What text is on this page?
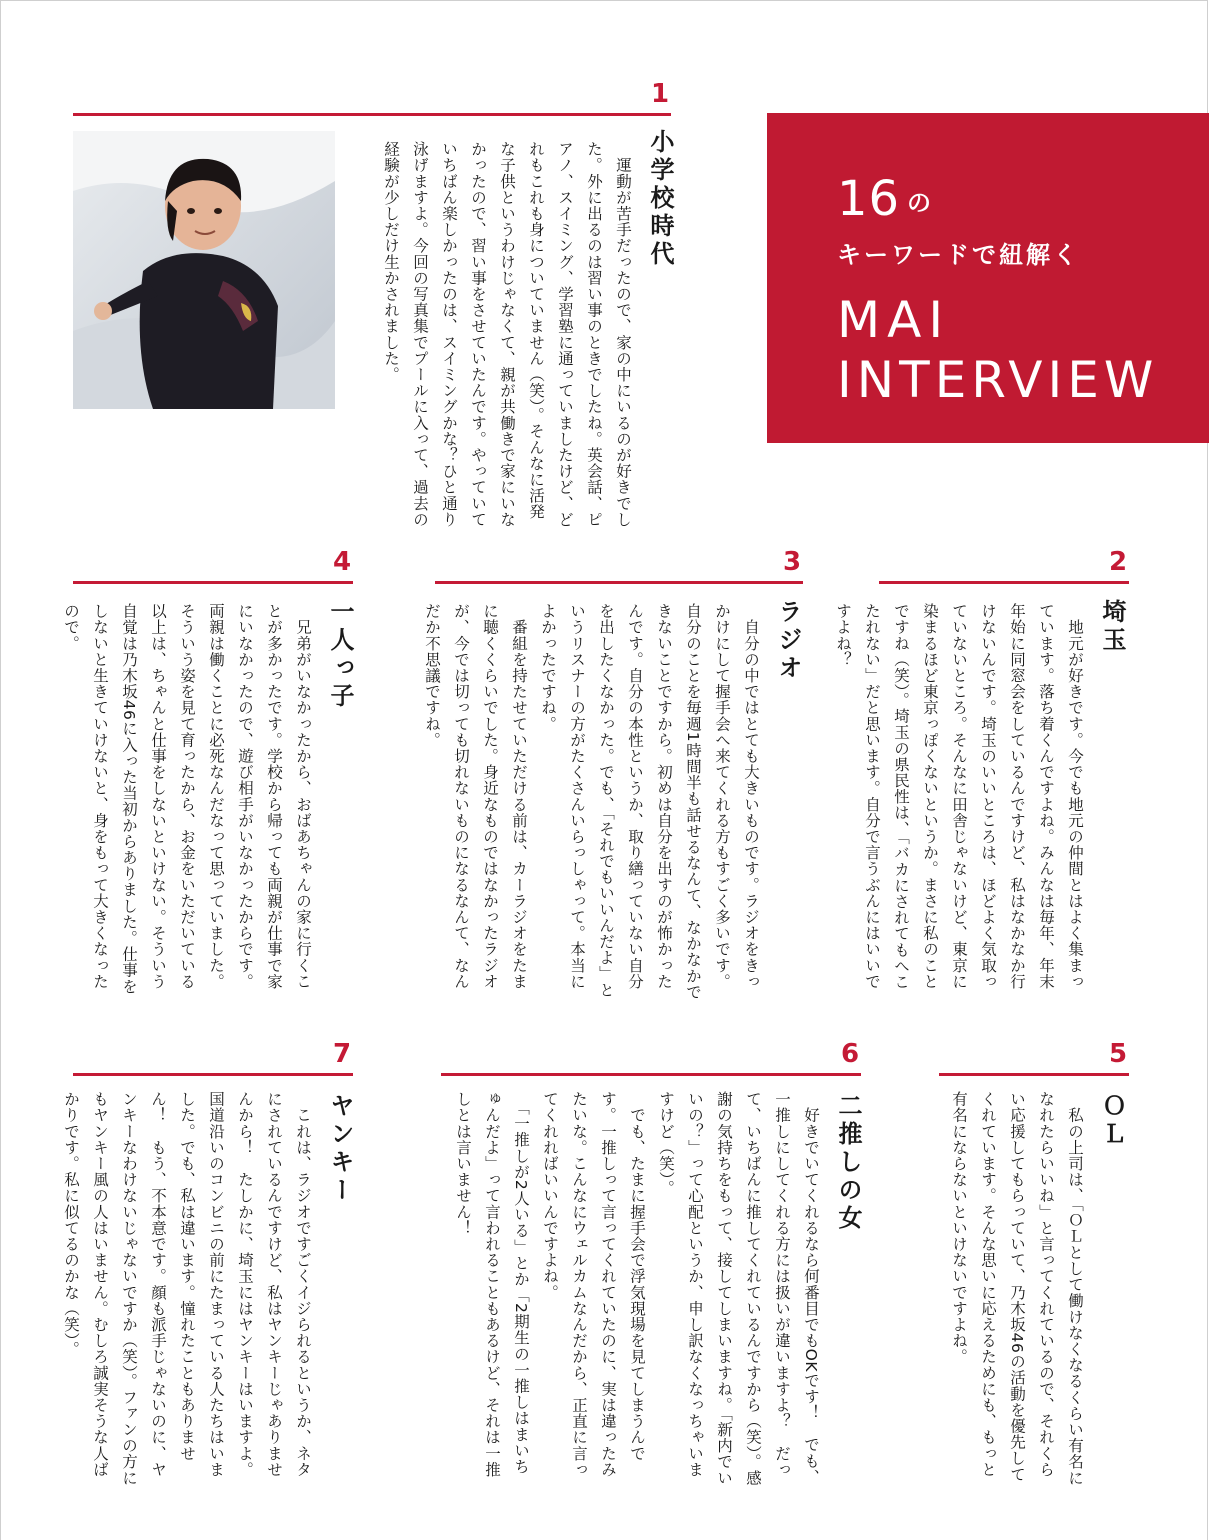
16 の
キーワードで紐解く
MAI
INTERVIEW
1
小学校時代
　運動が苦手だったので、家の中にいるのが好きでした。外に出るのは習い事のときでしたね。英会話、ピアノ、スイミング、学習塾に通っていましたけど、どれもこれも身についていません（笑）。そんなに活発な子供というわけじゃなくて、親が共働きで家にいなかったので、習い事をさせていたんです。やっていていちばん楽しかったのは、スイミングかな？ひと通り泳げますよ。今回の写真集でプールに入って、過去の経験が少しだけ生かされました。
2
埼玉
　地元が好きです。今でも地元の仲間とはよく集まっています。落ち着くんですよね。みんなは毎年、年末年始に同窓会をしているんですけど、私はなかなか行けないんです。埼玉のいいところは、ほどよく気取っていないところ。そんなに田舎じゃないけど、東京に染まるほど東京っぽくないというか。まさに私のことですね（笑）。埼玉の県民性は、「バカにされてもへこたれない」だと思います。自分で言うぶんにはいいですよね？
3
ラジオ
　自分の中ではとても大きいものです。ラジオをきっかけにして握手会へ来てくれる方もすごく多いです。自分のことを毎週1時間半も話せるなんて、なかなかできないことですから。初めは自分を出すのが怖かったんです。自分の本性というか、取り繕っていない自分を出したくなかった。でも、「それでもいいんだよ」というリスナーの方がたくさんいらっしゃって。本当によかったですね。
　番組を持たせていただける前は、カーラジオをたまに聴くくらいでした。身近なものではなかったラジオが、今では切っても切れないものになるなんて、なんだか不思議ですね。
4
一人っ子
　兄弟がいなかったから、おばあちゃんの家に行くことが多かったです。学校から帰っても両親が仕事で家にいなかったので、遊び相手がいなかったからです。両親は働くことに必死なんだなって思っていました。そういう姿を見て育ったから、お金をいただいている以上は、ちゃんと仕事をしないといけない。そういう自覚は乃木坂46に入った当初からありました。仕事をしないと生きていけないと、身をもって大きくなったので。
5
ＯＬ
　私の上司は、「ＯＬとして働けなくなるくらい有名になれたらいいね」と言ってくれているので、それくらい応援してもらっていて、乃木坂46の活動を優先してくれています。そんな思いに応えるためにも、もっと有名にならないといけないですよね。
6
二推しの女
　好きでいてくれるなら何番目でもOKです！　でも、一推しにしてくれる方には扱いが違いますよ？　だって、いちばんに推してくれているんですから（笑）。感謝の気持ちをもって、接してしまいますね。「新内でいいの？」って心配というか、申し訳なくなっちゃいますけど（笑）。
　でも、たまに握手会で浮気現場を見てしまうんです。一推しって言ってくれていたのに、実は違ったみたいな。こんなにウェルカムなんだから、正直に言ってくれればいいんですよね。
　「一推しが2人いる」とか「2期生の一推しはまいちゅんだよ」って言われることもあるけど、それは一推しとは言いません！
7
ヤンキー
　これは、ラジオですごくイジられるというか、ネタにされているんですけど、私はヤンキーじゃありませんから！　たしかに、埼玉にはヤンキーはいますよ。国道沿いのコンビニの前にたまっている人たちはいました。でも、私は違います。憧れたこともありません！　もう、不本意です。顔も派手じゃないのに、ヤンキーなわけないじゃないですか（笑）。ファンの方にもヤンキー風の人はいません。むしろ誠実そうな人ばかりです。私に似てるのかな（笑）。
